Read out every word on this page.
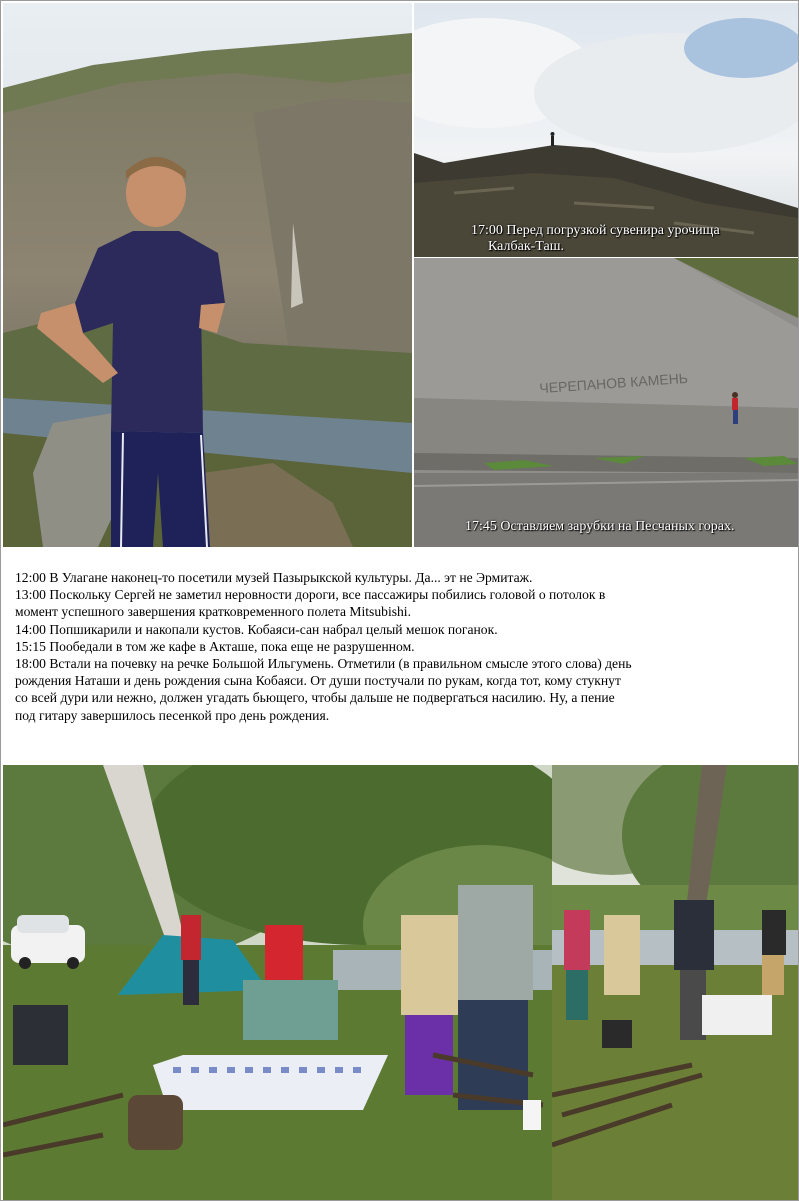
17:00 Перед погрузкой сувенира урочища
Калбак-Таш.
ЧЕРЕПАНОВ КАМЕНЬ
17:45 Оставляем зарубки на Песчаных горах.
12:00 В Улагане наконец-то посетили музей Пазырыкской культуры. Да... эт не Эрмитаж.
13:00 Поскольку Сергей не заметил неровности дороги, все пассажиры побились головой о потолок в
момент успешного завершения кратковременного полета Mitsubishi.
14:00 Попшикарили и накопали кустов. Кобаяси-сан набрал целый мешок поганок.
15:15 Пообедали в том же кафе в Акташе, пока еще не разрушенном.
18:00 Встали на почевку на речке Большой Ильгумень. Отметили (в правильном смысле этого слова) день
рождения Наташи и день рождения сына Кобаяси. От души постучали по рукам, когда тот, кому стукнут
со всей дури или нежно, должен угадать бьющего, чтобы дальше не подвергаться насилию. Ну, а пение
под гитару завершилось песенкой про день рождения.
